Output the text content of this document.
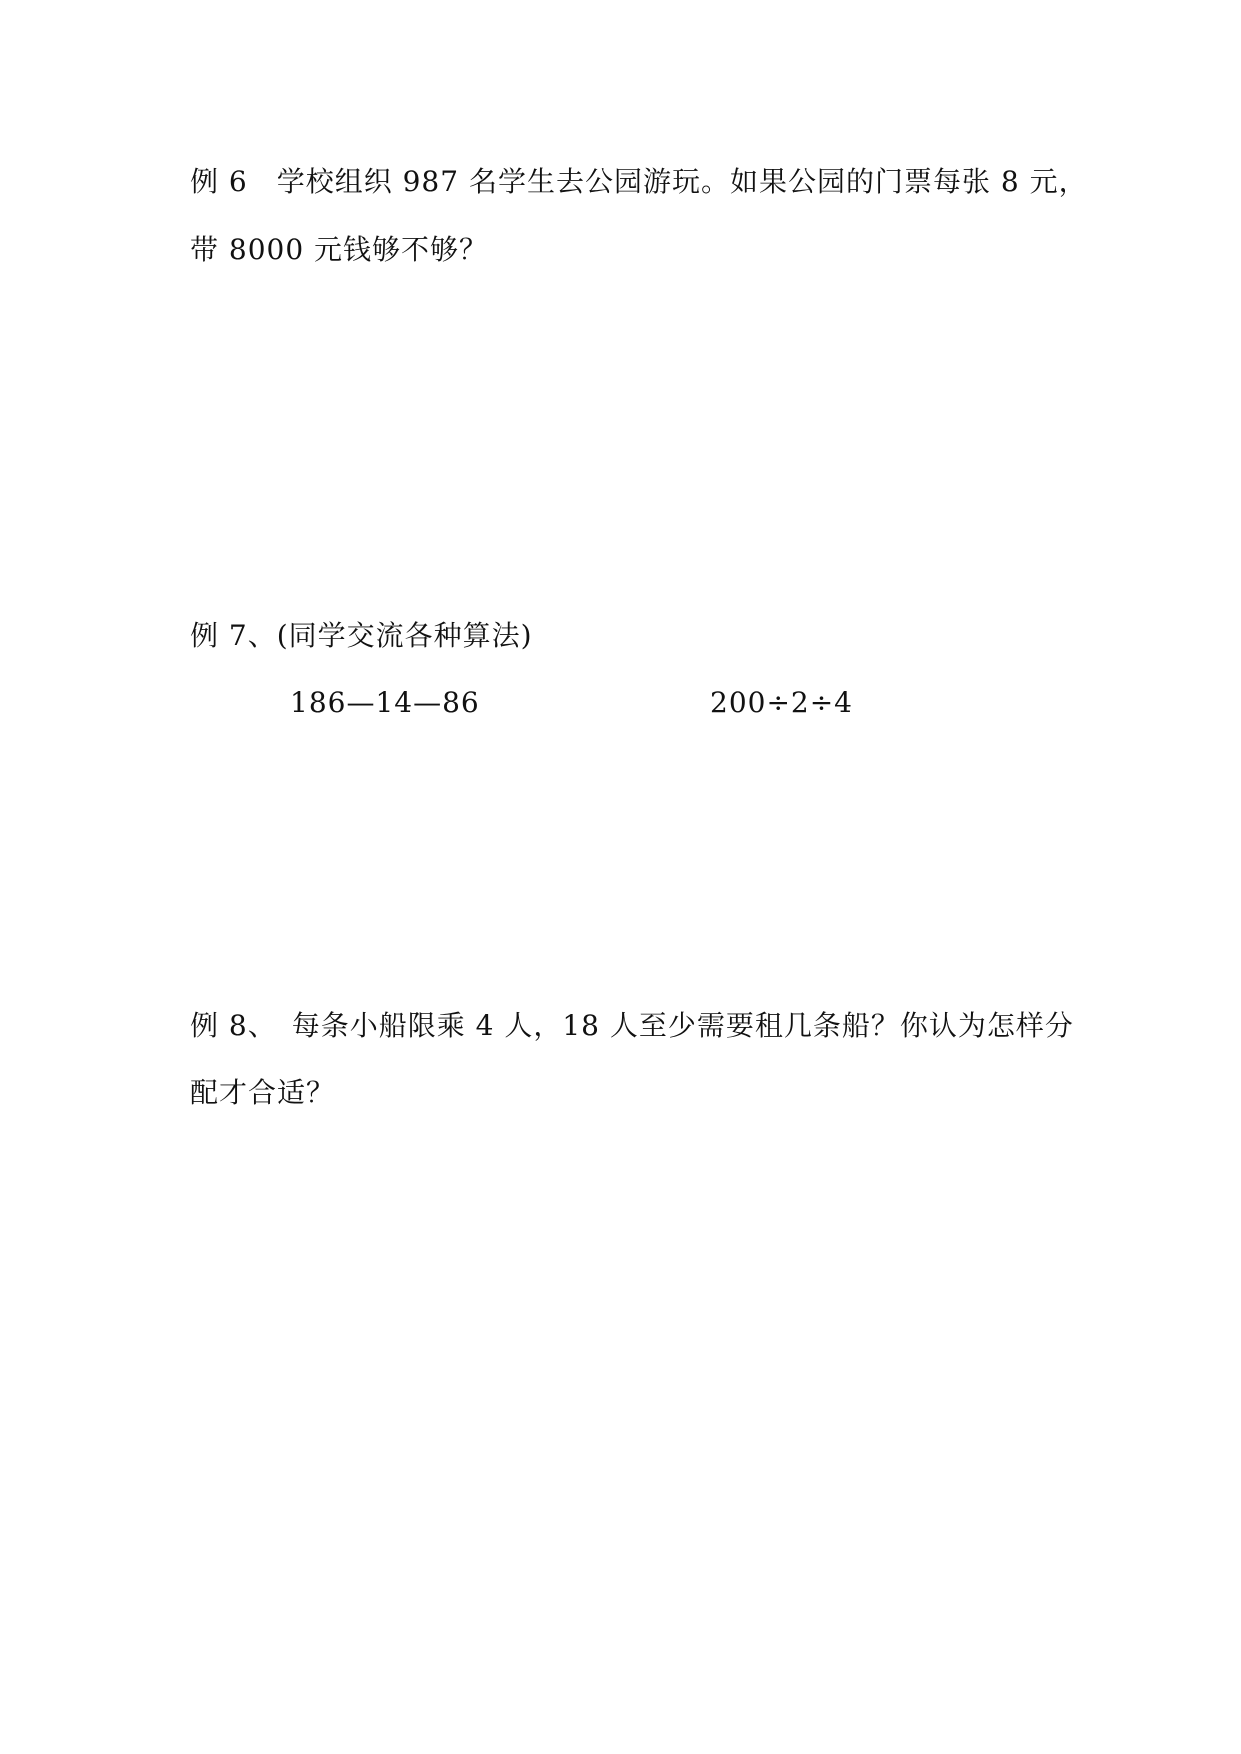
例 6　学校组织 987 名学生去公园游玩。如果公园的门票每张 8 元，
带 8000 元钱够不够？
例 7、(同学交流各种算法)
186—14—86	200÷2÷4
例 8、　每条小船限乘 4 人，18 人至少需要租几条船？你认为怎样分
配才合适？
